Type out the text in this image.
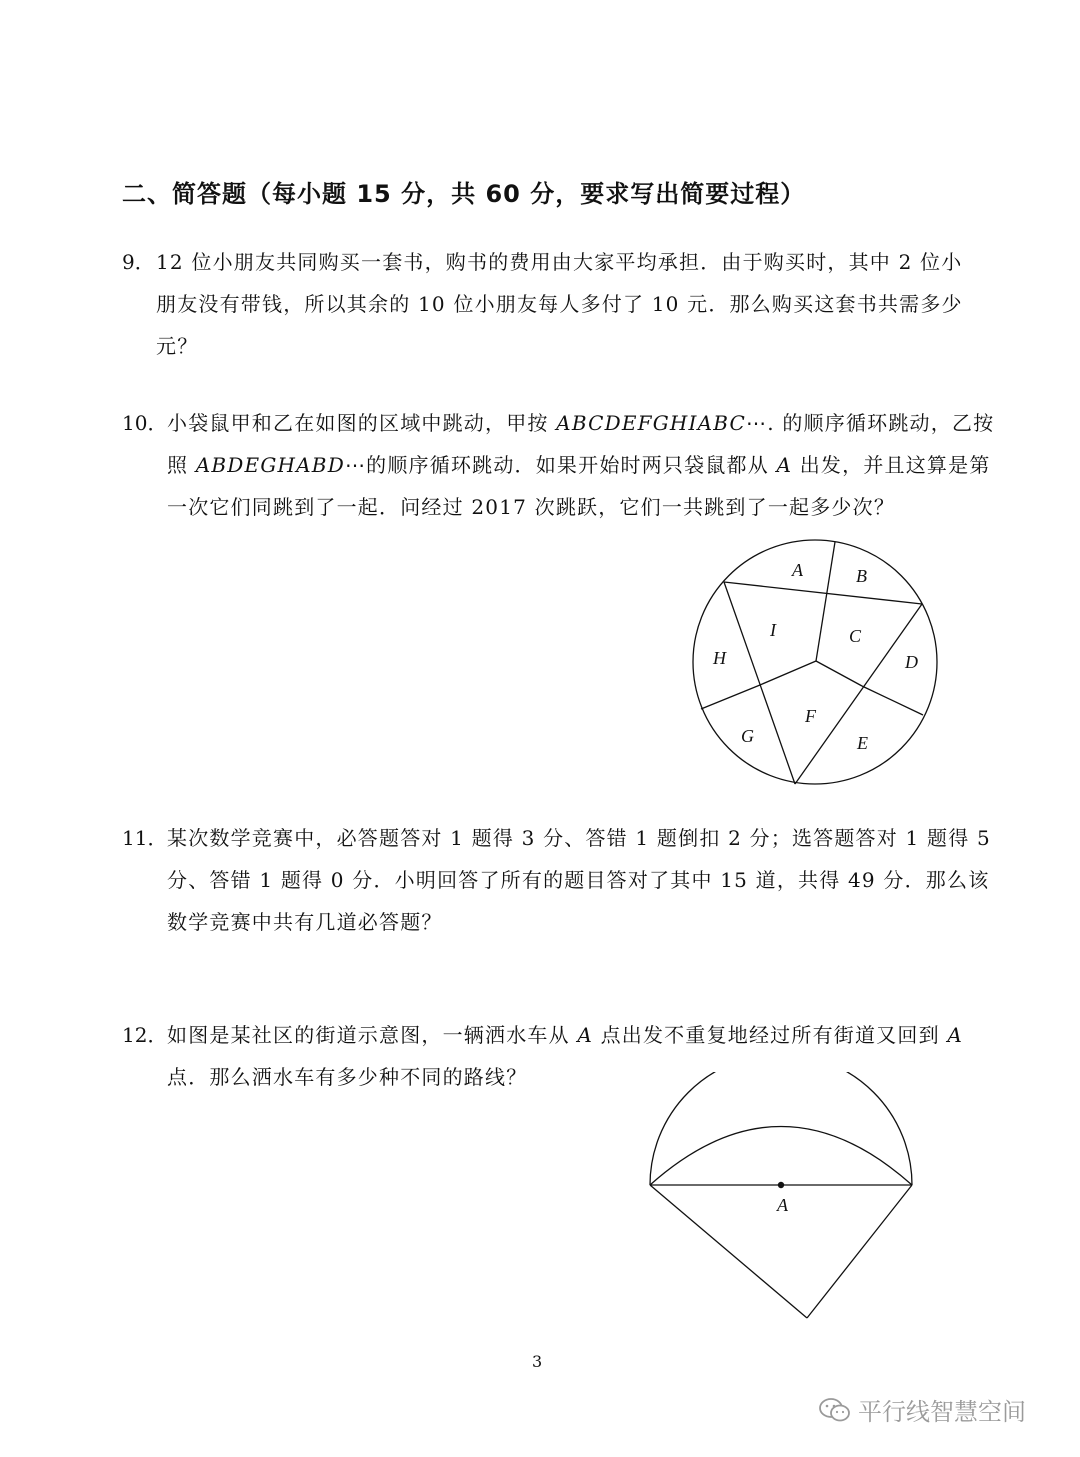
二、简答题（每小题 15 分，共 60 分，要求写出简要过程）
9． 12 位小朋友共同购买一套书，购书的费用由大家平均承担．由于购买时，其中 2 位小
朋友没有带钱，所以其余的 10 位小朋友每人多付了 10 元．那么购买这套书共需多少
元？
10． 小袋鼠甲和乙在如图的区域中跳动，甲按 ABCDEFGHIABC⋯. 的顺序循环跳动，乙按
照 ABDEGHABD⋯的顺序循环跳动．如果开始时两只袋鼠都从 A 出发，并且这算是第
一次它们同跳到了一起．问经过 2017 次跳跃，它们一共跳到了一起多少次？
A	B
C
D
E
F
G
H
I
11． 某次数学竞赛中，必答题答对 1 题得 3 分、答错 1 题倒扣 2 分；选答题答对 1 题得 5
分、答错 1 题得 0 分．小明回答了所有的题目答对了其中 15 道，共得 49 分．那么该
数学竞赛中共有几道必答题？
12． 如图是某社区的街道示意图，一辆洒水车从 A 点出发不重复地经过所有街道又回到 A
点．那么洒水车有多少种不同的路线？
A
3
平行线智慧空间
